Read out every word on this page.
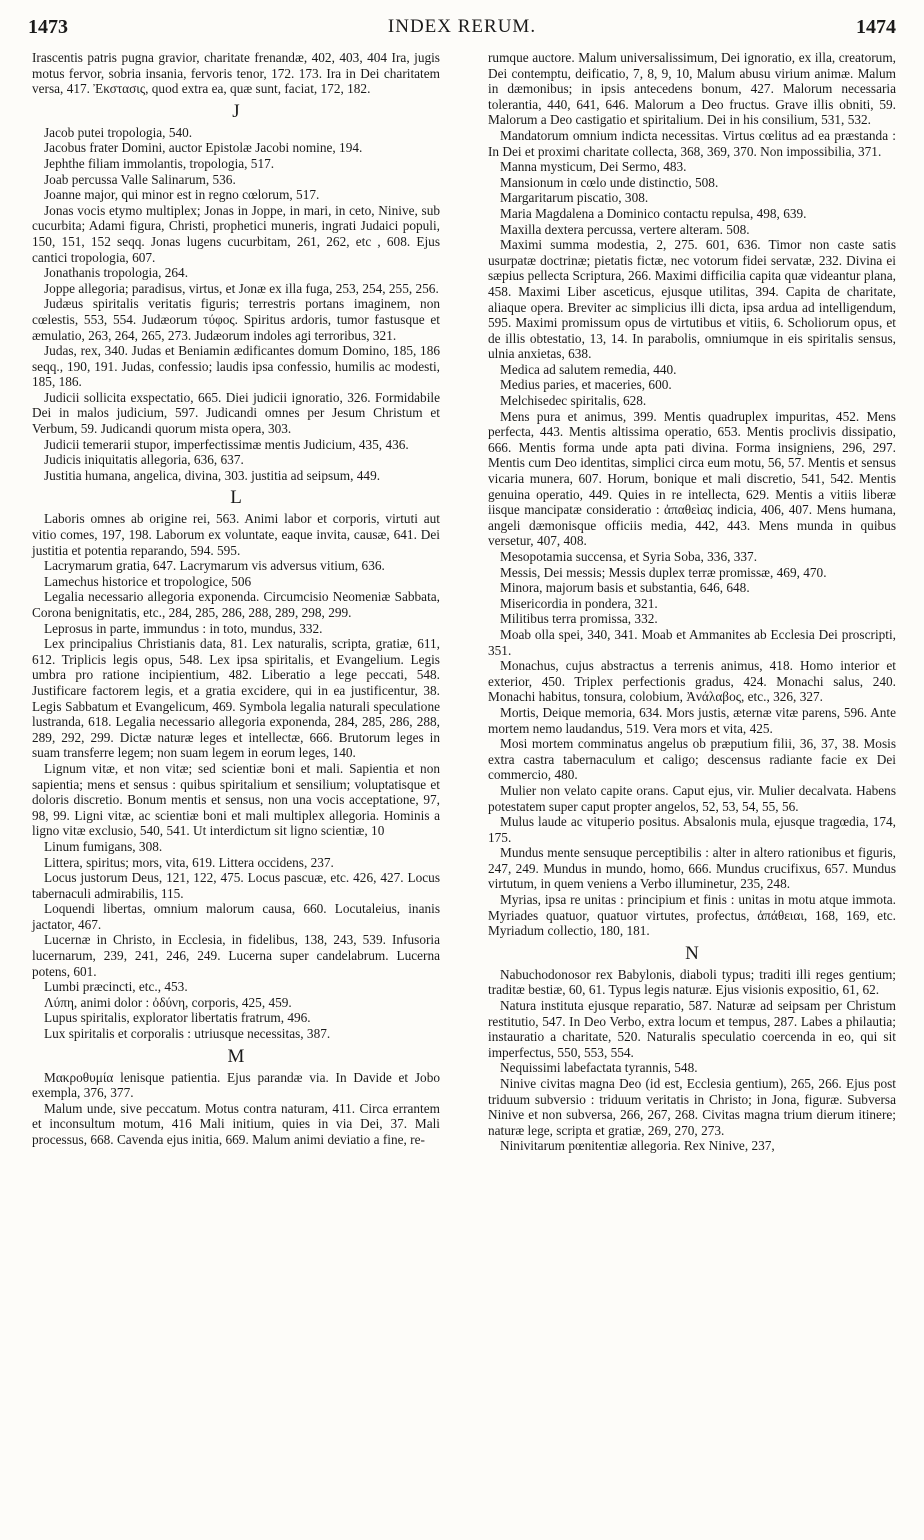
1473	INDEX RERUM.	1474

Irascentis patris pugna gravior, charitate frenandæ, 402, 403, 404 Ira, jugis motus fervor, sobria insania, fervoris tenor, 172. 173. Ira in Dei charitatem versa, 417. Ἐκστασις, quod extra ea, quæ sunt, faciat, 172, 182.

J

Jacob putei tropologia, 540.

Jacobus frater Domini, auctor Epistolæ Jacobi nomine, 194.

Jephthe filiam immolantis, tropologia, 517.

Joab percussa Valle Salinarum, 536.

Joanne major, qui minor est in regno cœlorum, 517.

Jonas vocis etymo multiplex; Jonas in Joppe, in mari, in ceto, Ninive, sub cucurbita; Adami figura, Christi, prophetici muneris, ingrati Judaici populi, 150, 151, 152 seqq. Jonas lugens cucurbitam, 261, 262, etc , 608. Ejus cantici tropologia, 607.

Jonathanis tropologia, 264.

Joppe allegoria; paradisus, virtus, et Jonæ ex illa fuga, 253, 254, 255, 256.

Judæus spiritalis veritatis figuris; terrestris portans imaginem, non cœlestis, 553, 554. Judæorum τύφος. Spiritus ardoris, tumor fastusque et æmulatio, 263, 264, 265, 273. Judæorum indoles agi terroribus, 321.

Judas, rex, 340. Judas et Beniamin ædificantes domum Domino, 185, 186 seqq., 190, 191. Judas, confessio; laudis ipsa confessio, humilis ac modesti, 185, 186.

Judicii sollicita exspectatio, 665. Diei judicii ignoratio, 326. Formidabile Dei in malos judicium, 597. Judicandi omnes per Jesum Christum et Verbum, 59. Judicandi quorum mista opera, 303.

Judicii temerarii stupor, imperfectissimæ mentis Judicium, 435, 436.

Judicis iniquitatis allegoria, 636, 637.

Justitia humana, angelica, divina, 303. justitia ad seipsum, 449.

L

Laboris omnes ab origine rei, 563. Animi labor et corporis, virtuti aut vitio comes, 197, 198. Laborum ex voluntate, eaque invita, causæ, 641. Dei justitia et potentia reparando, 594. 595.

Lacrymarum gratia, 647. Lacrymarum vis adversus vitium, 636.

Lamechus historice et tropologice, 506

Legalia necessario allegoria exponenda. Circumcisio Neomeniæ Sabbata, Corona benignitatis, etc., 284, 285, 286, 288, 289, 298, 299.

Leprosus in parte, immundus : in toto, mundus, 332.

Lex principalius Christianis data, 81. Lex naturalis, scripta, gratiæ, 611, 612. Triplicis legis opus, 548. Lex ipsa spiritalis, et Evangelium. Legis umbra pro ratione incipientium, 482. Liberatio a lege peccati, 548. Justificare factorem legis, et a gratia excidere, qui in ea justificentur, 38. Legis Sabbatum et Evangelicum, 469. Symbola legalia naturali speculatione lustranda, 618. Legalia necessario allegoria exponenda, 284, 285, 286, 288, 289, 292, 299. Dictæ naturæ leges et intellectæ, 666. Brutorum leges in suam transferre legem; non suam legem in eorum leges, 140.

Lignum vitæ, et non vitæ; sed scientiæ boni et mali. Sapientia et non sapientia; mens et sensus : quibus spiritalium et sensilium; voluptatisque et doloris discretio. Bonum mentis et sensus, non una vocis acceptatione, 97, 98, 99. Ligni vitæ, ac scientiæ boni et mali multiplex allegoria. Hominis a ligno vitæ exclusio, 540, 541. Ut interdictum sit ligno scientiæ, 10

Linum fumigans, 308.

Littera, spiritus; mors, vita, 619. Littera occidens, 237.

Locus justorum Deus, 121, 122, 475. Locus pascuæ, etc. 426, 427. Locus tabernaculi admirabilis, 115.

Loquendi libertas, omnium malorum causa, 660. Locutaleius, inanis jactator, 467.

Lucernæ in Christo, in Ecclesia, in fidelibus, 138, 243, 539. Infusoria lucernarum, 239, 241, 246, 249. Lucerna super candelabrum. Lucerna potens, 601.

Lumbi præcincti, etc., 453.

Λύπη, animi dolor : ὀδύνη, corporis, 425, 459.

Lupus spiritalis, explorator libertatis fratrum, 496.

Lux spiritalis et corporalis : utriusque necessitas, 387.

M

Μακροθυμία lenisque patientia. Ejus parandæ via. In Davide et Jobo exempla, 376, 377.

Malum unde, sive peccatum. Motus contra naturam, 411. Circa errantem et inconsultum motum, 416 Mali initium, quies in via Dei, 37. Mali processus, 668. Cavenda ejus initia, 669. Malum animi deviatio a fine, re-

rumque auctore. Malum universalissimum, Dei ignoratio, ex illa, creatorum, Dei contemptu, deificatio, 7, 8, 9, 10, Malum abusu virium animæ. Malum in dæmonibus; in ipsis antecedens bonum, 427. Malorum necessaria tolerantia, 440, 641, 646. Malorum a Deo fructus. Grave illis obniti, 59. Malorum a Deo castigatio et spiritalium. Dei in his consilium, 531, 532.

Mandatorum omnium indicta necessitas. Virtus cœlitus ad ea præstanda : In Dei et proximi charitate collecta, 368, 369, 370. Non impossibilia, 371.

Manna mysticum, Dei Sermo, 483.

Mansionum in cœlo unde distinctio, 508.

Margaritarum piscatio, 308.

Maria Magdalena a Dominico contactu repulsa, 498, 639.

Maxilla dextera percussa, vertere alteram. 508.

Maximi summa modestia, 2, 275. 601, 636. Timor non caste satis usurpatæ doctrinæ; pietatis fictæ, nec votorum fidei servatæ, 232. Divina ei sæpius pellecta Scriptura, 266. Maximi difficilia capita quæ videantur plana, 458. Maximi Liber asceticus, ejusque utilitas, 394. Capita de charitate, aliaque opera. Breviter ac simplicius illi dicta, ipsa ardua ad intelligendum, 595. Maximi promissum opus de virtutibus et vitiis, 6. Scholiorum opus, et de illis obtestatio, 13, 14. In parabolis, omniumque in eis spiritalis sensus, ulnia anxietas, 638.

Medica ad salutem remedia, 440.

Medius paries, et maceries, 600.

Melchisedec spiritalis, 628.

Mens pura et animus, 399. Mentis quadruplex impuritas, 452. Mens perfecta, 443. Mentis altissima operatio, 653. Mentis proclivis dissipatio, 666. Mentis forma unde apta pati divina. Forma insigniens, 296, 297. Mentis cum Deo identitas, simplici circa eum motu, 56, 57. Mentis et sensus vicaria munera, 607. Horum, bonique et mali discretio, 541, 542. Mentis genuina operatio, 449. Quies in re intellecta, 629. Mentis a vitiis liberæ iisque mancipatæ consideratio : ἀπαθεὶας indicia, 406, 407. Mens humana, angeli dæmonisque officiis media, 442, 443. Mens munda in quibus versetur, 407, 408.

Mesopotamia succensa, et Syria Soba, 336, 337.

Messis, Dei messis; Messis duplex terræ promissæ, 469, 470.

Minora, majorum basis et substantia, 646, 648.

Misericordia in pondera, 321.

Militibus terra promissa, 332.

Moab olla spei, 340, 341. Moab et Ammanites ab Ecclesia Dei proscripti, 351.

Monachus, cujus abstractus a terrenis animus, 418. Homo interior et exterior, 450. Triplex perfectionis gradus, 424. Monachi salus, 240. Monachi habitus, tonsura, colobium, Ἀνάλαβος, etc., 326, 327.

Mortis, Deique memoria, 634. Mors justis, æternæ vitæ parens, 596. Ante mortem nemo laudandus, 519. Vera mors et vita, 425.

Mosi mortem comminatus angelus ob præputium filii, 36, 37, 38. Mosis extra castra tabernaculum et caligo; descensus radiante facie ex Dei commercio, 480.

Mulier non velato capite orans. Caput ejus, vir. Mulier decalvata. Habens potestatem super caput propter angelos, 52, 53, 54, 55, 56.

Mulus laude ac vituperio positus. Absalonis mula, ejusque tragœdia, 174, 175.

Mundus mente sensuque perceptibilis : alter in altero rationibus et figuris, 247, 249. Mundus in mundo, homo, 666. Mundus crucifixus, 657. Mundus virtutum, in quem veniens a Verbo illuminetur, 235, 248.

Myrias, ipsa re unitas : principium et finis : unitas in motu atque immota. Myriades quatuor, quatuor virtutes, profectus, ἀπάθειαι, 168, 169, etc. Myriadum collectio, 180, 181.

N

Nabuchodonosor rex Babylonis, diaboli typus; traditi illi reges gentium; traditæ bestiæ, 60, 61. Typus legis naturæ. Ejus visionis expositio, 61, 62.

Natura instituta ejusque reparatio, 587. Naturæ ad seipsam per Christum restitutio, 547. In Deo Verbo, extra locum et tempus, 287. Labes a philautia; instauratio a charitate, 520. Naturalis speculatio coercenda in eo, qui sit imperfectus, 550, 553, 554.

Nequissimi labefactata tyrannis, 548.

Ninive civitas magna Deo (id est, Ecclesia gentium), 265, 266. Ejus post triduum subversio : triduum veritatis in Christo; in Jona, figuræ. Subversa Ninive et non subversa, 266, 267, 268. Civitas magna trium dierum itinere; naturæ lege, scripta et gratiæ, 269, 270, 273.

Ninivitarum pœnitentiæ allegoria. Rex Ninive, 237,
